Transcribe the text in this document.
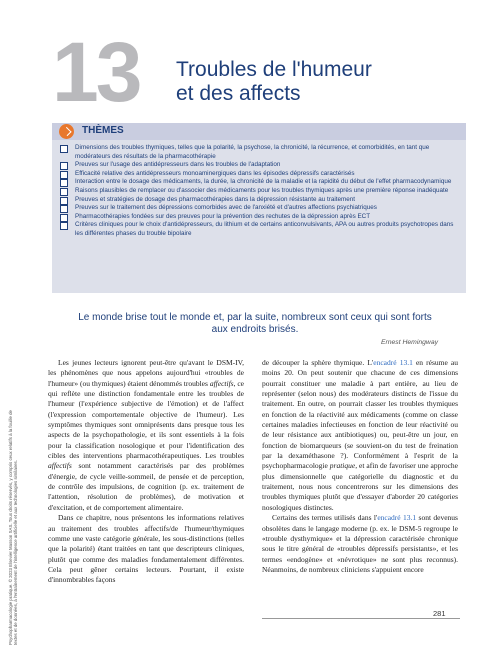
13 Troubles de l'humeur
et des affects
THÈMES
Dimensions des troubles thymiques, telles que la polarité, la psychose, la chronicité, la récurrence, et comorbidités, en tant que modérateurs des résultats de la pharmacothérapie
Preuves sur l'usage des antidépresseurs dans les troubles de l'adaptation
Efficacité relative des antidépresseurs monoaminergiques dans les épisodes dépressifs caractérisés
Interaction entre le dosage des médicaments, la durée, la chronicité de la maladie et la rapidité du début de l'effet pharmacodynamique
Raisons plausibles de remplacer ou d'associer des médicaments pour les troubles thymiques après une première réponse inadéquate
Preuves et stratégies de dosage des pharmacothérapies dans la dépression résistante au traitement
Preuves sur le traitement des dépressions comorbides avec de l'anxiété et d'autres affections psychiatriques
Pharmacothérapies fondées sur des preuves pour la prévention des rechutes de la dépression après ECT
Critères cliniques pour le choix d'antidépresseurs, du lithium et de certains anticonvulsivants, APA ou autres produits psychotropes dans les différentes phases du trouble bipolaire
Psychopharmacologie pratique. © 2023 Elsevier Masson SAS. Tous droits réservés, y compris ceux relatifs à la fouille de textes et de données, à l'entraînement de l'intelligence artificielle et aux technologies similaires.
Le monde brise tout le monde et, par la suite, nombreux sont ceux qui sont forts aux endroits brisés.
Ernest Hemingway

Les jeunes lecteurs ignorent peut-être qu'avant le DSM-IV, les phénomènes que nous appelons aujourd'hui «troubles de l'humeur» (ou thymiques) étaient dénommés troubles affectifs, ce qui reflète une distinction fondamentale entre les troubles de l'humeur (l'expérience subjective de l'émotion) et de l'affect (l'expression comportementale objective de l'humeur). Les symptômes thymiques sont omniprésents dans presque tous les aspects de la psychopathologie, et ils sont essentiels à la fois pour la classification nosologique et pour l'identification des cibles des interventions pharmacothérapeutiques. Les troubles affectifs sont notamment caractérisés par des problèmes d'énergie, de cycle veille-sommeil, de pensée et de perception, de contrôle des impulsions, de cognition (p. ex. traitement de l'attention, résolution de problèmes), de motivation et d'excitation, et de comportement alimentaire.

Dans ce chapitre, nous présentons les informations relatives au traitement des troubles affectifs/de l'humeur/thymiques comme une vaste catégorie générale, les sous-distinctions (telles que la polarité) étant traitées en tant que descripteurs cliniques, plutôt que comme des maladies fondamentalement différentes. Cela peut gêner certains lecteurs. Pourtant, il existe d'innombrables façons

de découper la sphère thymique. L'encadré 13.1 en résume au moins 20. On peut soutenir que chacune de ces dimensions pourrait constituer une maladie à part entière, au lieu de représenter (selon nous) des modérateurs distincts de l'issue du traitement. En outre, on pourrait classer les troubles thymiques en fonction de la réactivité aux médicaments (comme on classe certaines maladies infectieuses en fonction de leur réactivité ou de leur résistance aux antibiotiques) ou, peut-être un jour, en fonction de biomarqueurs (se souvient-on du test de freination par la dexaméthasone ?). Conformément à l'esprit de la psychopharmacologie pratique, et afin de favoriser une approche plus dimensionnelle que catégorielle du diagnostic et du traitement, nous nous concentrerons sur les dimensions des troubles thymiques plutôt que d'essayer d'aborder 20 catégories nosologiques distinctes.

Certains des termes utilisés dans l'encadré 13.1 sont devenus obsolètes dans le langage moderne (p. ex. le DSM-5 regroupe le «trouble dysthymique» et la dépression caractérisée chronique sous le titre général de «troubles dépressifs persistants», et les termes «endogène» et «névrotique» ne sont plus reconnus). Néanmoins, de nombreux cliniciens s'appuient encore

281
